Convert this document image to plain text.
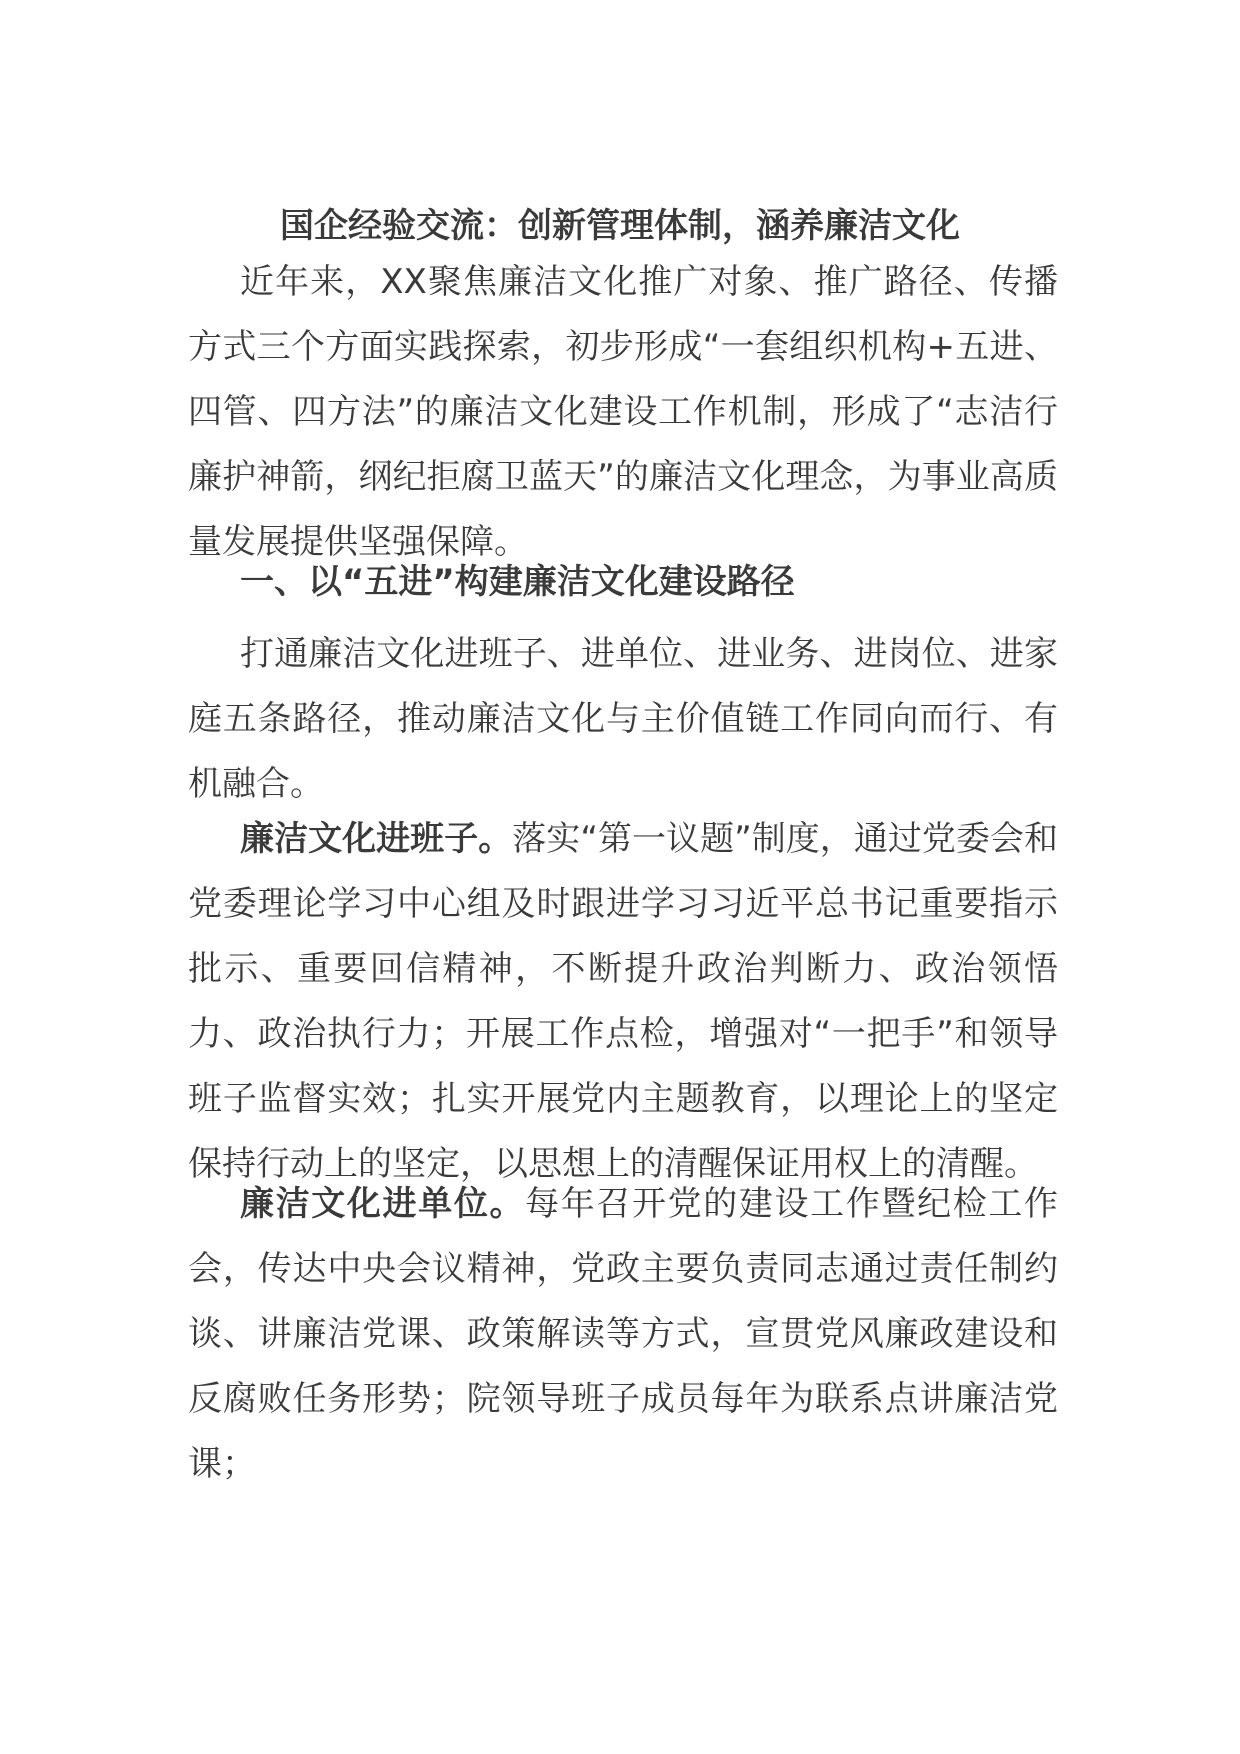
国企经验交流：创新管理体制，涵养廉洁文化

近年来，XX聚焦廉洁文化推广对象、推广路径、传播方式三个方面实践探索，初步形成“一套组织机构+五进、四管、四方法”的廉洁文化建设工作机制，形成了“志洁行廉护神箭，纲纪拒腐卫蓝天”的廉洁文化理念，为事业高质量发展提供坚强保障。

一、以“五进”构建廉洁文化建设路径

打通廉洁文化进班子、进单位、进业务、进岗位、进家庭五条路径，推动廉洁文化与主价值链工作同向而行、有机融合。

廉洁文化进班子。落实“第一议题”制度，通过党委会和党委理论学习中心组及时跟进学习习近平总书记重要指示批示、重要回信精神，不断提升政治判断力、政治领悟力、政治执行力；开展工作点检，增强对“一把手”和领导班子监督实效；扎实开展党内主题教育，以理论上的坚定保持行动上的坚定，以思想上的清醒保证用权上的清醒。

廉洁文化进单位。每年召开党的建设工作暨纪检工作会，传达中央会议精神，党政主要负责同志通过责任制约谈、讲廉洁党课、政策解读等方式，宣贯党风廉政建设和反腐败任务形势；院领导班子成员每年为联系点讲廉洁党课；
